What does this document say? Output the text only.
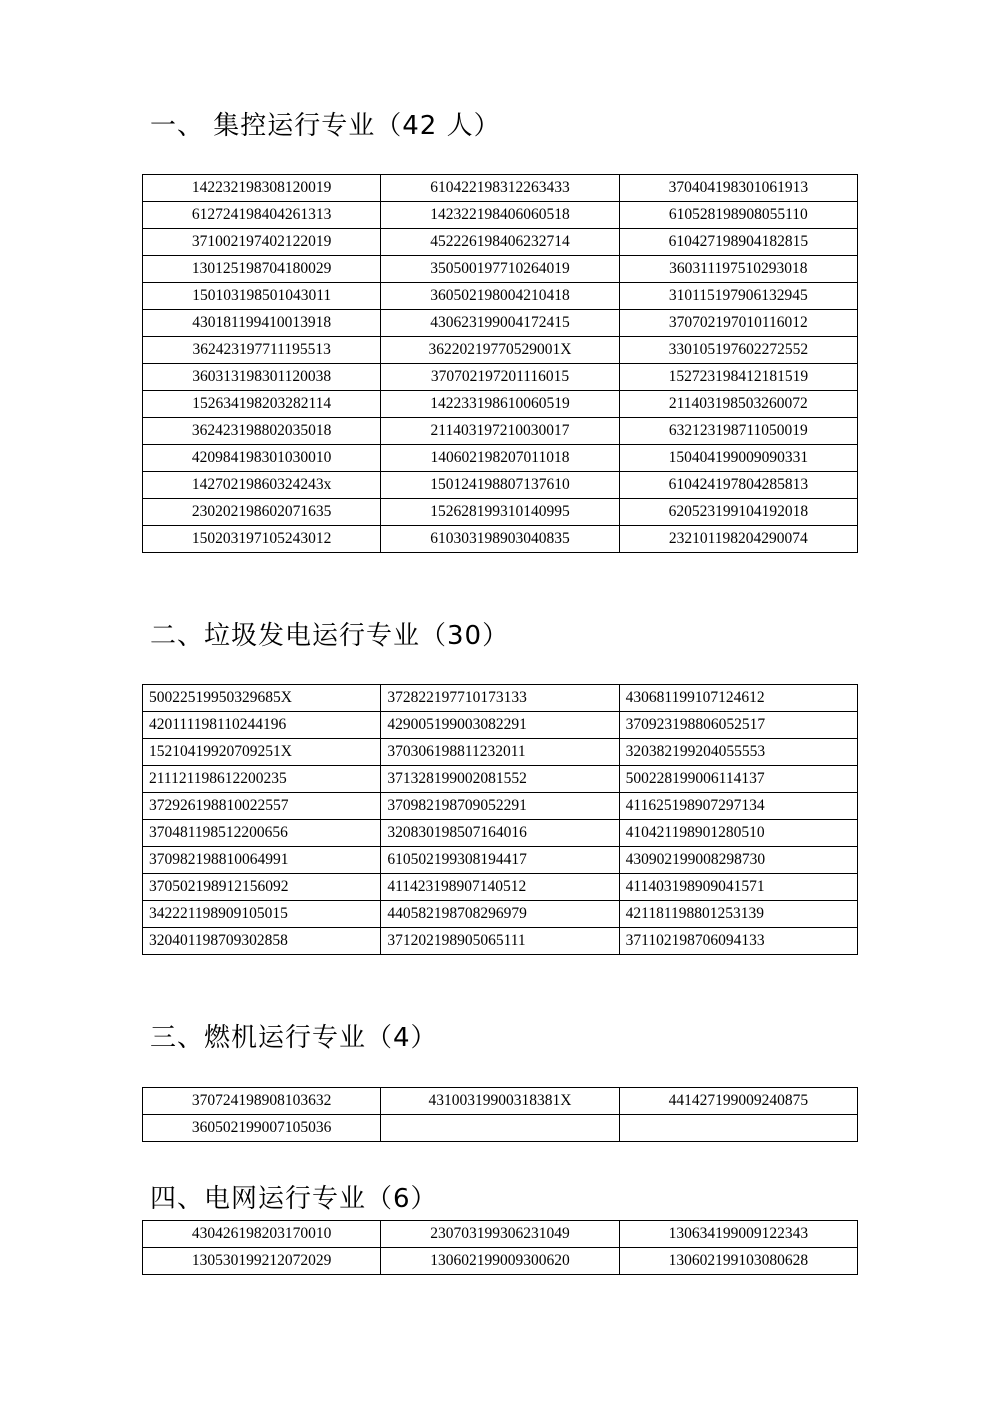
一、 集控运行专业（42 人）
142232198308120019	610422198312263433	370404198301061913
612724198404261313	142322198406060518	610528198908055110
371002197402122019	452226198406232714	610427198904182815
130125198704180029	350500197710264019	360311197510293018
150103198501043011	360502198004210418	310115197906132945
430181199410013918	430623199004172415	370702197010116012
362423197711195513	36220219770529001X	330105197602272552
360313198301120038	370702197201116015	152723198412181519
152634198203282114	142233198610060519	211403198503260072
362423198802035018	211403197210030017	632123198711050019
420984198301030010	140602198207011018	150404199009090331
14270219860324243x	150124198807137610	610424197804285813
230202198602071635	152628199310140995	620523199104192018
150203197105243012	610303198903040835	232101198204290074
二、垃圾发电运行专业（30）
50022519950329685X	372822197710173133	430681199107124612
420111198110244196	429005199003082291	370923198806052517
15210419920709251X	370306198811232011	320382199204055553
211121198612200235	371328199002081552	500228199006114137
372926198810022557	370982198709052291	411625198907297134
370481198512200656	320830198507164016	410421198901280510
370982198810064991	610502199308194417	430902199008298730
370502198912156092	411423198907140512	411403198909041571
342221198909105015	440582198708296979	421181198801253139
320401198709302858	371202198905065111	371102198706094133
三、燃机运行专业（4）
370724198908103632	43100319900318381X	441427199009240875
360502199007105036		
四、电网运行专业（6）
430426198203170010	230703199306231049	130634199009122343
130530199212072029	130602199009300620	130602199103080628
